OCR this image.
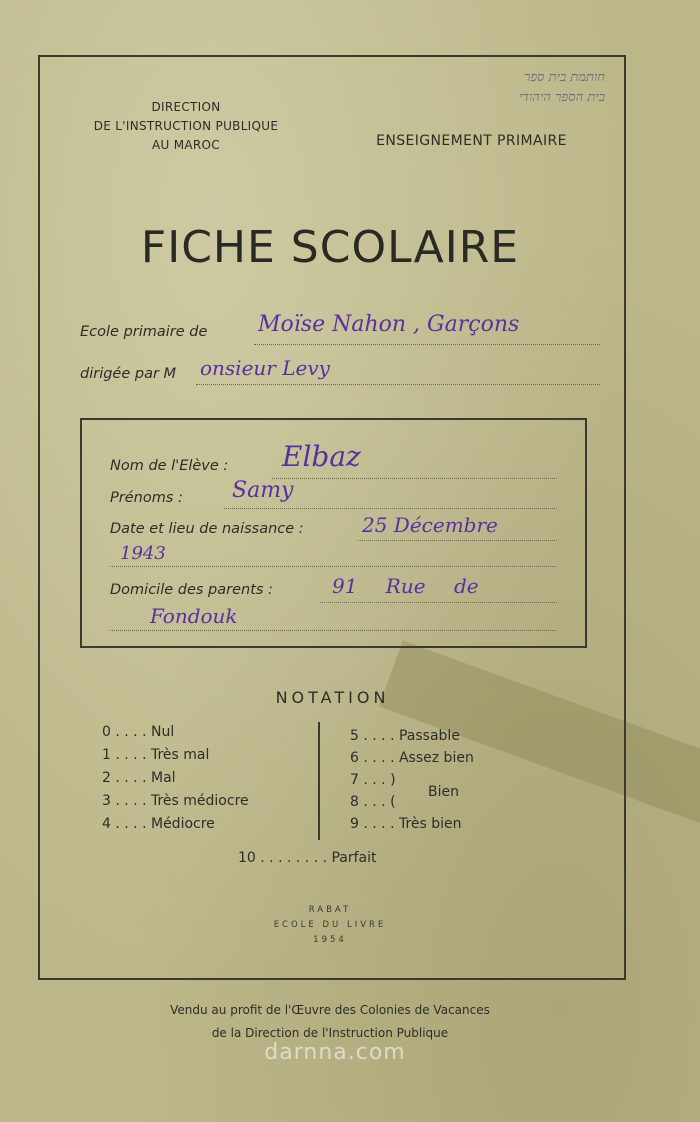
DIRECTION
DE L'INSTRUCTION PUBLIQUE
AU MAROC	ENSEIGNEMENT PRIMAIRE
חותמת בית ספר
בית הספר היהודי
FICHE SCOLAIRE
Ecole primaire de Moïse Nahon , Garçons
dirigée par M onsieur Levy
Nom de l'Elève : Elbaz
Prénoms : Samy
Date et lieu de naissance :	25 Décembre
1943
Domicile des parents :	91 Rue de
Fondouk
NOTATION
0 . . . . Nul
1 . . . . Très mal
2 . . . . Mal
3 . . . . Très médiocre
4 . . . . Médiocre
5 . . . . Passable
6 . . . . Assez bien
7 . . . )
8 . . . (
Bien
9 . . . . Très bien
10 . . . . . . . . Parfait
RABAT
ECOLE DU LIVRE
1954
Vendu au profit de l'Œuvre des Colonies de Vacances
de la Direction de l'Instruction Publique
darnna.com
